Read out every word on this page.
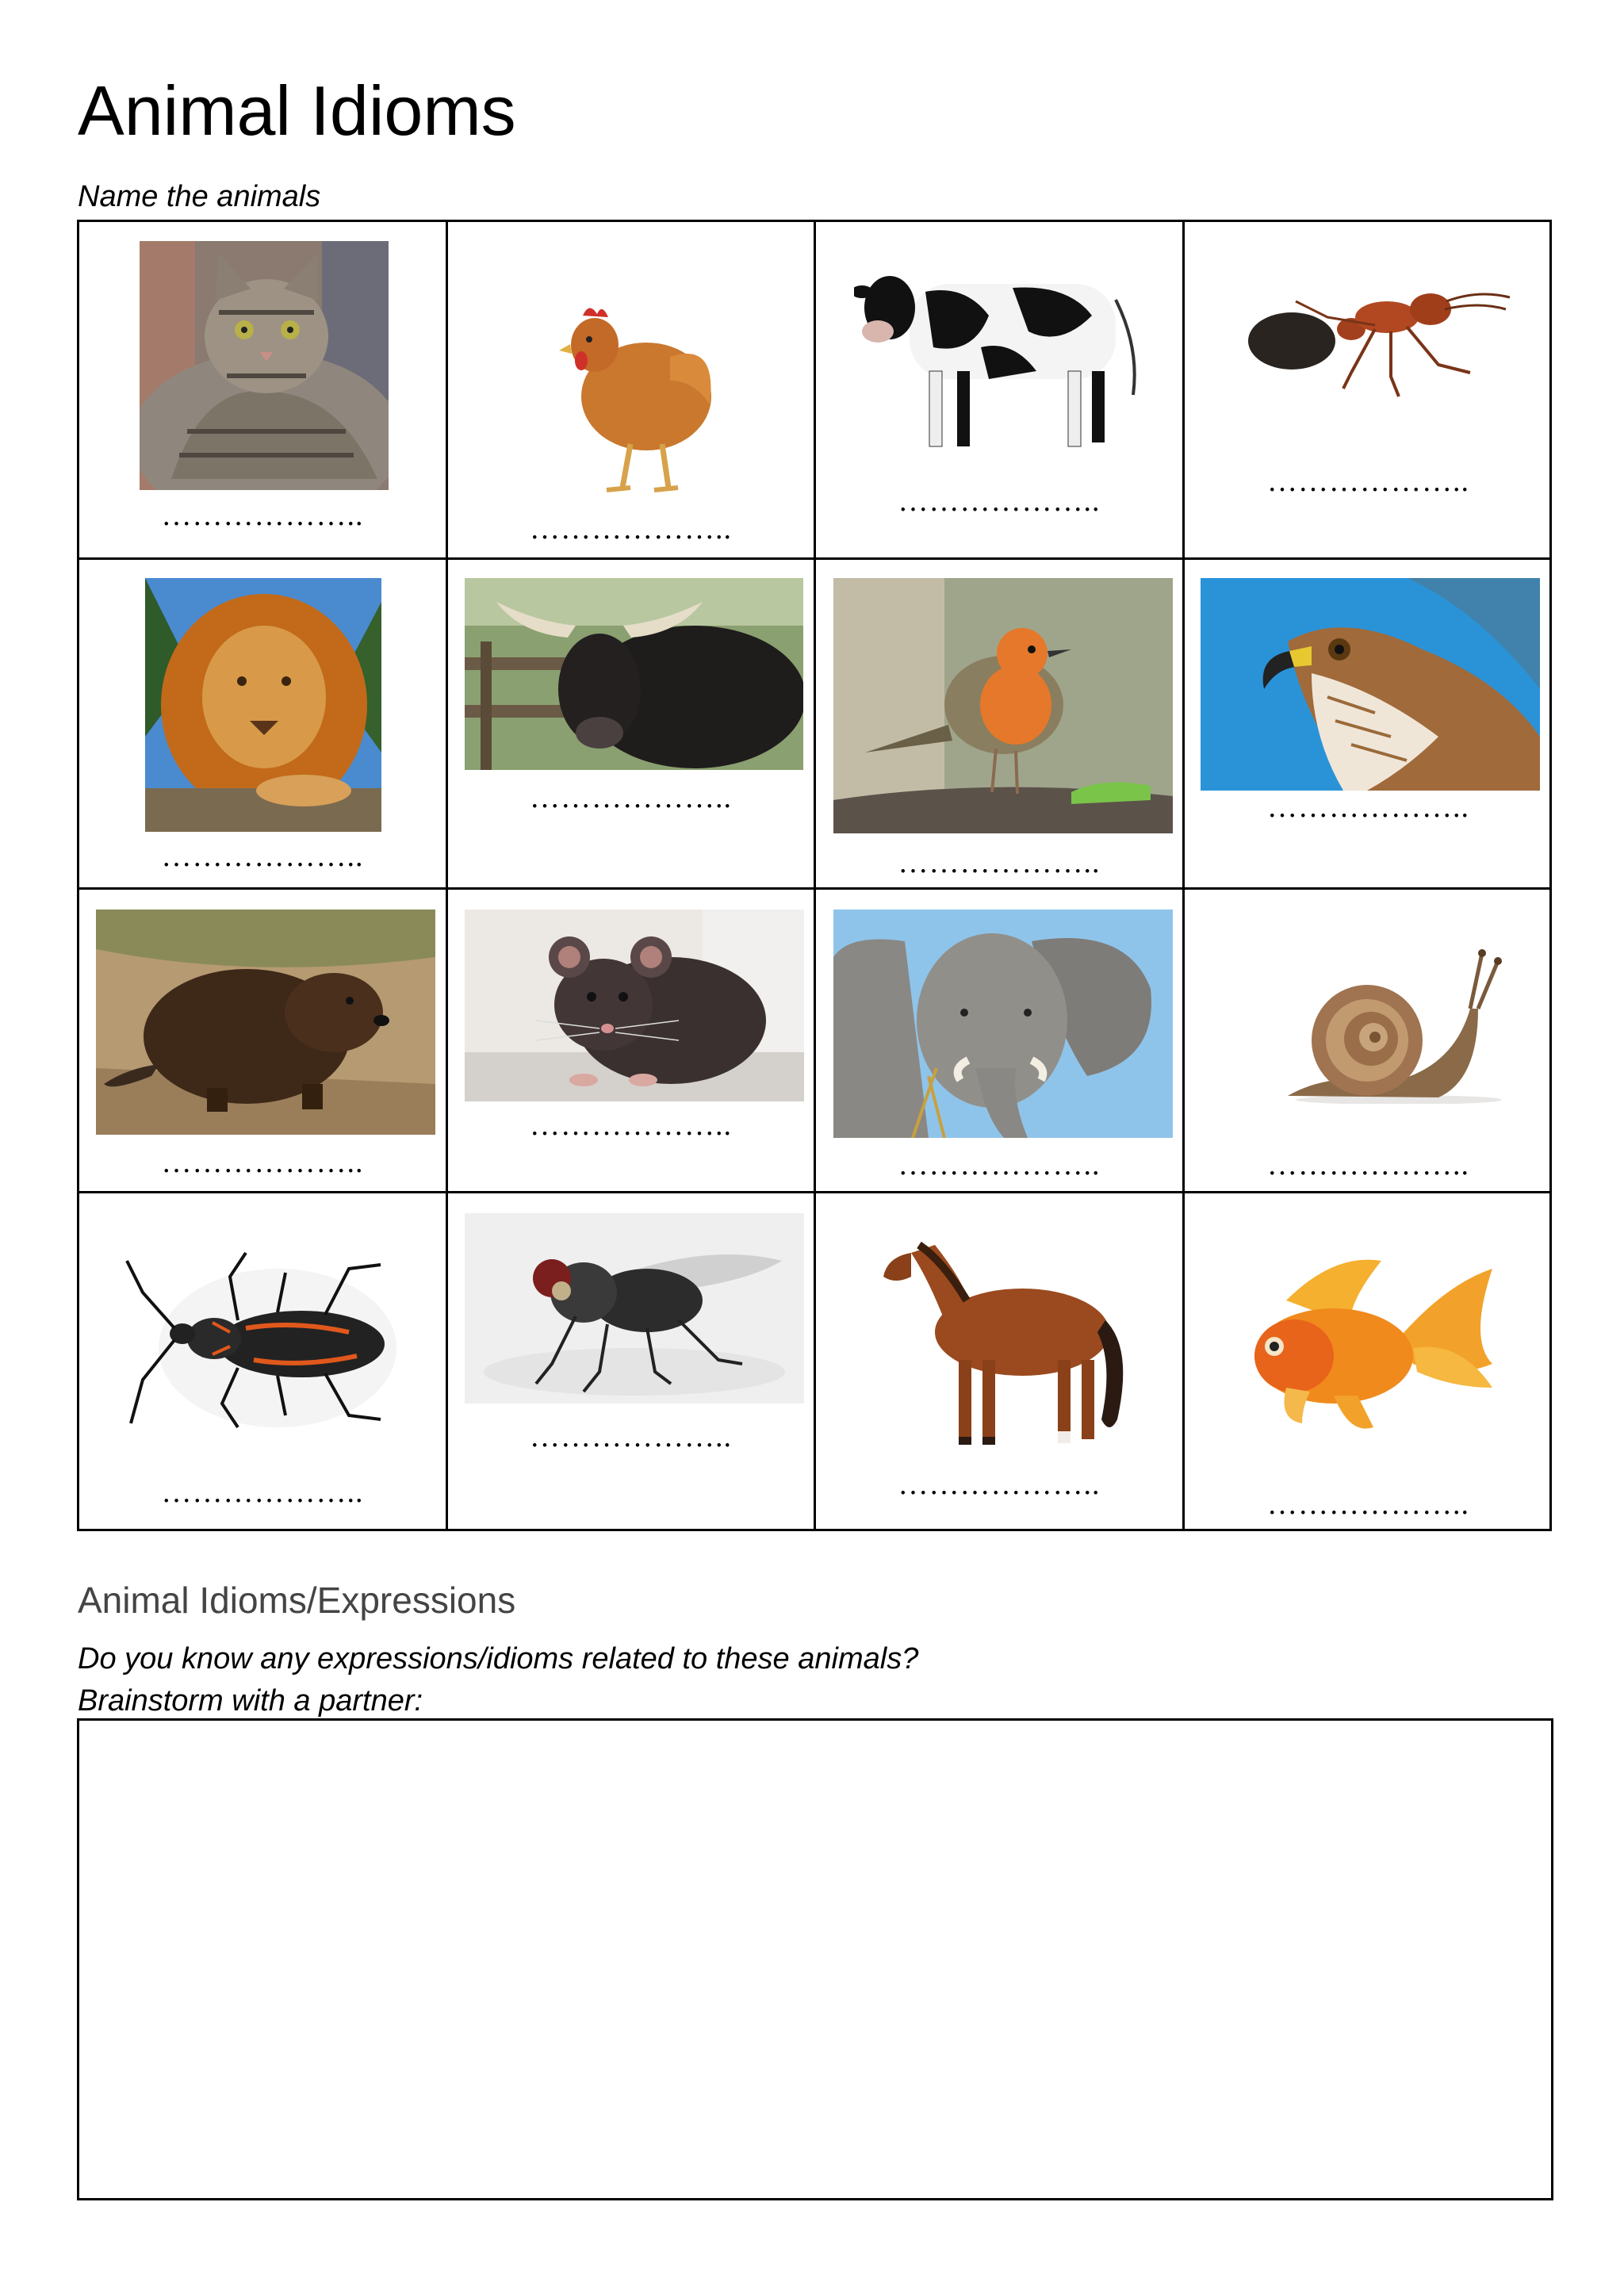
Animal Idioms

Name the animals

………………..	………………..
………………..
………………..
………………..
………………..
………………..
………………..
………………..
………………..
………………..	………………..
………………..
………………..
………………..
………………..
Animal Idioms/Expressions

Do you know any expressions/idioms related to these animals?
Brainstorm with a partner:
